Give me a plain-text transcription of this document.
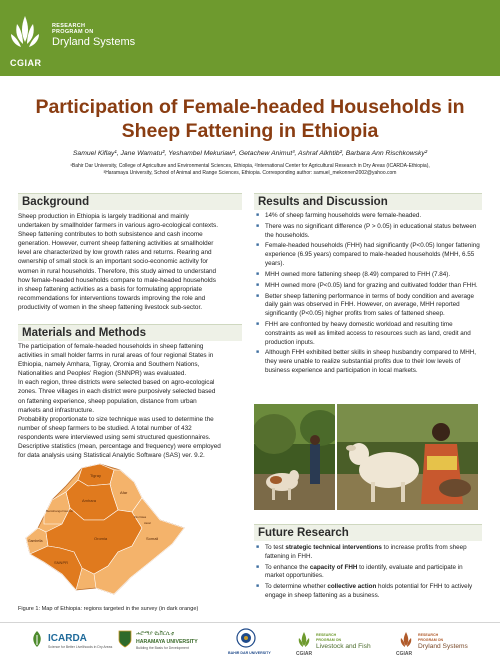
CGIAR
RESEARCH
PROGRAM ON
Dryland Systems
Participation of Female-headed Households in
Sheep Fattening in Ethiopia
Samuel Kiflay¹, Jane Wamatu², Yeshambel Mekuriaw¹, Getachew Animut³, Ashraf Alkhtib², Barbara Ann Rischkowsky²
¹Bahir Dar University, College of Agriculture and Environmental Sciences, Ethiopia, ²International Center for Agricultural Research in Dry Areas (ICARDA-Ethiopia),
³Haramaya University, School of Animal and Range Sciences, Ethiopia. Corresponding author: samuel_mekonnen2002@yahoo.com
Background
Sheep production in Ethiopia is largely traditional and mainly
undertaken by smallholder farmers in various agro-ecological contexts.
Sheep fattening contributes to both subsistence and cash income
generation. However, current sheep fattening activities at smallholder
level are characterized by low growth rates and returns. Rearing and
ownership of small stock is an important socio-economic activity for
women in rural households. Therefore, this study aimed to understand
how female-headed households compare to male-headed households
in sheep fattening activities as a basis for formulating appropriate
recommendations for interventions towards improving the role and
productivity of women in the sheep fattening livestock sub-sector.
Materials and Methods
The participation of female-headed households in sheep fattening
activities in small holder farms in rural areas of four regional States in
Ethiopia, namely Amhara, Tigray, Oromia and Southern Nations,
Nationalities and Peoples' Region (SNNPR) was evaluated.
In each region, three districts were selected based on agro-ecological
zones. Three villages in each district were purposively selected based
on fattening experience, sheep population, distance from urban
markets and infrastructure.
Probability proportionate to size technique was used to determine the
number of sheep farmers to be studied. A total number of 432
respondents were interviewed using semi structured questionnaires.
Descriptive statistics (mean, percentage and frequency) were employed
for data analysis using Statistical Analytic Software (SAS) ver. 9.2.
Tigray
Afar
Amhara
Benishangul Gumuz
Gambella	Oromia
SNNPR
Somali
Dire Dawa
Harari
Figure 1: Map of Ethiopia: regions targeted in the survey (in dark orange)
Results and Discussion
■ 14% of sheep farming households were female-headed.
■ There was no significant difference (P > 0.05) in educational status between the households.
■ Female-headed households (FHH) had significantly (P<0.05) longer fattening experience (6.95 years) compared to male-headed households (MHH, 6.55 years).
■ MHH owned more fattening sheep (8.49) compared to FHH (7.84).
■ MHH owned more (P<0.05) land for grazing and cultivated fodder than FHH.
■ Better sheep fattening performance in terms of body condition and average daily gain was observed in FHH. However, on average, MHH reported significantly (P<0.05) higher profits from sales of fattened sheep.
■ FHH are confronted by heavy domestic workload and resulting time constraints as well as limited access to resources such as land, credit and production inputs.
■ Although FHH exhibited better skills in sheep husbandry compared to MHH, they were unable to realize substantial profits due to their low levels of business experience and participation in local markets.
Future Research
■ To test strategic technical interventions to increase profits from sheep fattening in FHH.
■ To enhance the capacity of FHH to identify, evaluate and participate in market opportunities.
■ To determine whether collective action holds potential for FHH to actively engage in sheep fattening as a business.
ICARDA
Science for Better Livelihoods in Dry Areas
ሐሮማያ ዩኒቨርሲቲ
HARAMAYA UNIVERSITY
Building the Basis for Development
BAHIR DAR UNIVERSITY	CGIAR
RESEARCH
PROGRAM ON
Livestock and Fish
CGIAR
RESEARCH
PROGRAM ON
Dryland Systems
